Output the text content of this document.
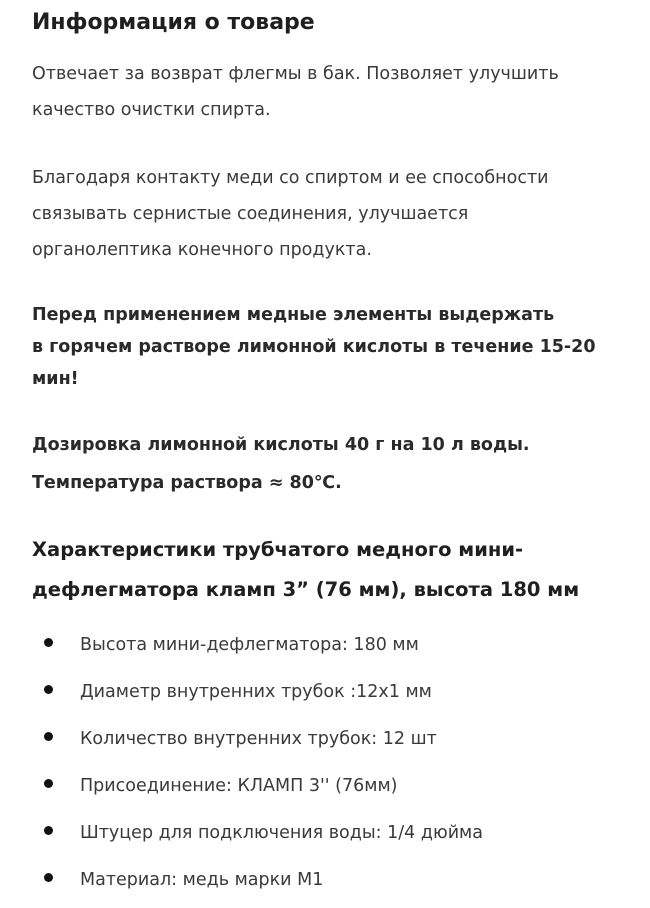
Информация о товаре

Отвечает за возврат флегмы в бак. Позволяет улучшить
качество очистки спирта.

Благодаря контакту меди со спиртом и ее способности
связывать сернистые соединения, улучшается
органолептика конечного продукта.

Перед применением медные элементы выдержать
в горячем растворе лимонной кислоты в течение 15-20
мин!

Дозировка лимонной кислоты 40 г на 10 л воды.
Температура раствора ≈ 80℃.

Характеристики трубчатого медного мини-
дефлегматора кламп 3” (76 мм), высота 180 мм
Высота мини-дефлегматора: 180 мм
Диаметр внутренних трубок :12х1 мм
Количество внутренних трубок: 12 шт
Присоединение: КЛАМП 3'' (76мм)
Штуцер для подключения воды: 1/4 дюйма
Материал: медь марки М1
